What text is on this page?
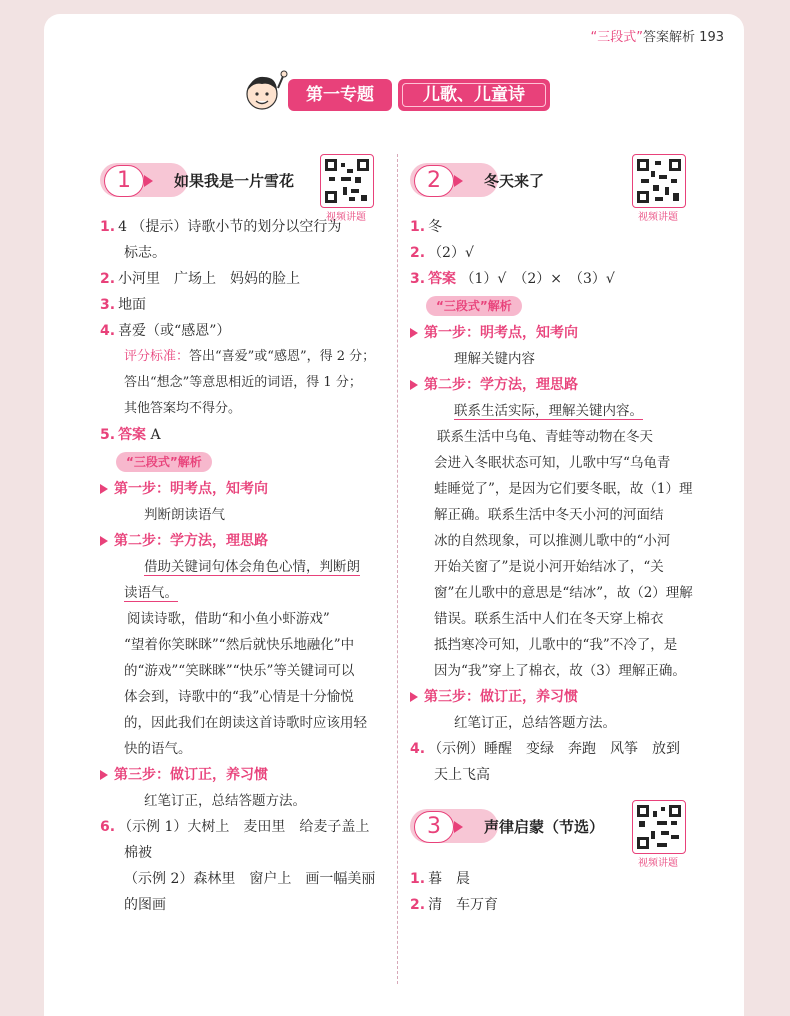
“三段式”答案解析 193
第一专题	儿歌、儿童诗
1	如果我是一片雪花
视频讲题

1. 4 （提示）诗歌小节的划分以空行为

标志。

2. 小河里　广场上　妈妈的脸上

3. 地面

4. 喜爱（或“感恩”）

评分标准：答出“喜爱”或“感恩”，得 2 分；

答出“想念”等意思相近的词语，得 1 分；

其他答案均不得分。

5. 答案 A

“三段式”解析

第一步：明考点，知考向

判断朗读语气

第二步：学方法，理思路

借助关键词句体会角色心情，判断朗

读语气。

阅读诗歌，借助“和小鱼小虾游戏”

“望着你笑眯眯”“然后就快乐地融化”中

的“游戏”“笑眯眯”“快乐”等关键词可以

体会到，诗歌中的“我”心情是十分愉悦

的，因此我们在朗读这首诗歌时应该用轻

快的语气。

第三步：做订正，养习惯

红笔订正，总结答题方法。

6. （示例 1）大树上　麦田里　给麦子盖上

棉被

（示例 2）森林里　窗户上　画一幅美丽

的图画

2	冬天来了
视频讲题

1. 冬

2. （2）√

3. 答案 （1）√　（2）×　（3）√

“三段式”解析

第一步：明考点，知考向

理解关键内容

第二步：学方法，理思路

联系生活实际，理解关键内容。

联系生活中乌龟、青蛙等动物在冬天

会进入冬眠状态可知，儿歌中写“乌龟青

蛙睡觉了”，是因为它们要冬眠，故（1）理

解正确。联系生活中冬天小河的河面结

冰的自然现象，可以推测儿歌中的“小河

开始关窗了”是说小河开始结冰了，“关

窗”在儿歌中的意思是“结冰”，故（2）理解

错误。联系生活中人们在冬天穿上棉衣

抵挡寒冷可知，儿歌中的“我”不冷了，是

因为“我”穿上了棉衣，故（3）理解正确。

第三步：做订正，养习惯

红笔订正，总结答题方法。

4. （示例）睡醒　变绿　奔跑　风筝　放到

天上飞高

3	声律启蒙（节选）
视频讲题

1. 暮　晨

2. 清　车万育
